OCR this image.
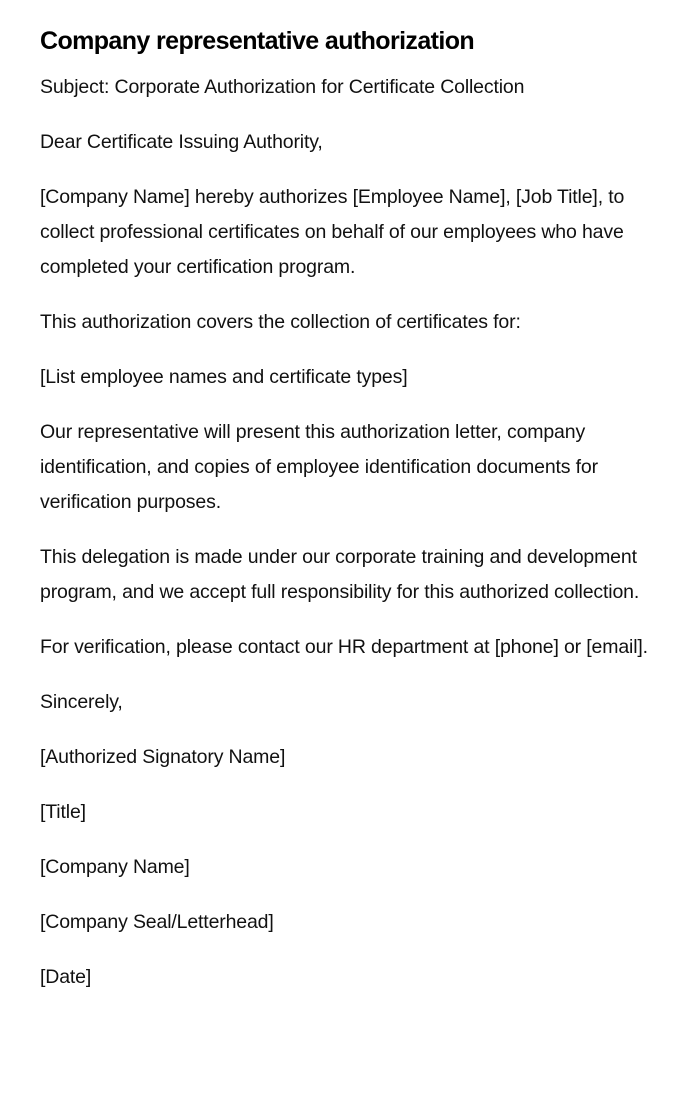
Company representative authorization

Subject: Corporate Authorization for Certificate Collection

Dear Certificate Issuing Authority,

[Company Name] hereby authorizes [Employee Name], [Job Title], to collect professional certificates on behalf of our employees who have completed your certification program.

This authorization covers the collection of certificates for:

[List employee names and certificate types]

Our representative will present this authorization letter, company identification, and copies of employee identification documents for verification purposes.

This delegation is made under our corporate training and development program, and we accept full responsibility for this authorized collection.

For verification, please contact our HR department at [phone] or [email].

Sincerely,

[Authorized Signatory Name]

[Title]

[Company Name]

[Company Seal/Letterhead]

[Date]
